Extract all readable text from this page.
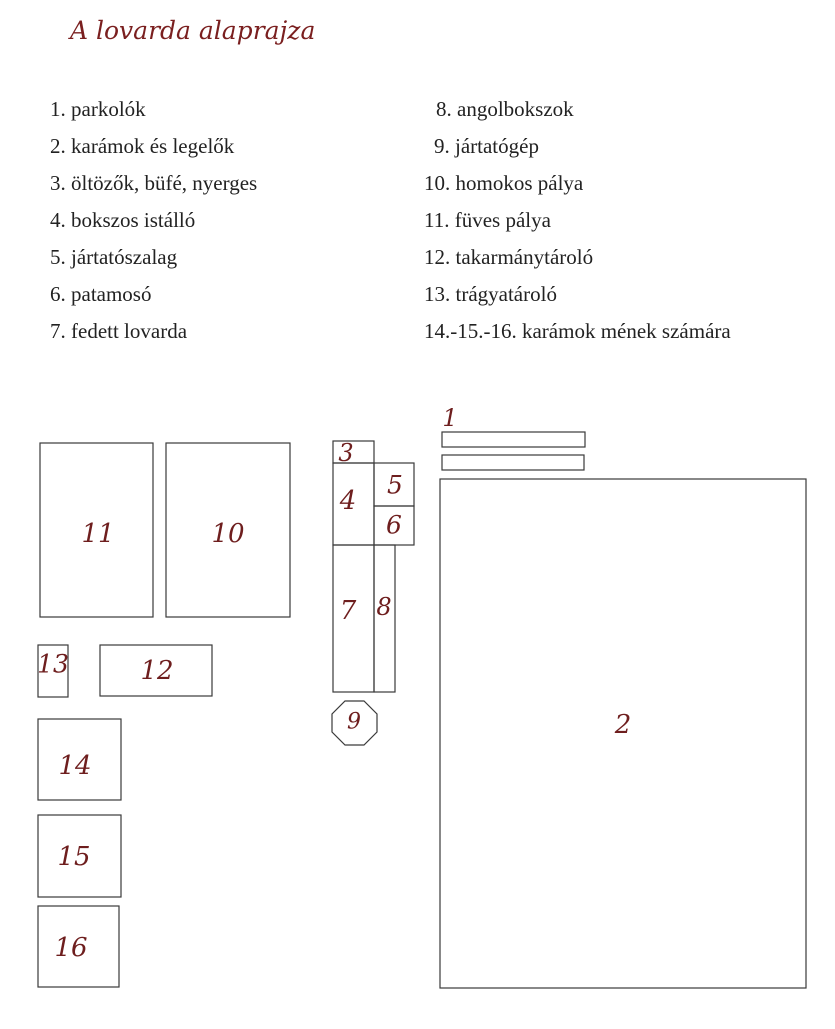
A lovarda alaprajza
1. parkolók
2. karámok és legelők
3. öltözők, büfé, nyerges
4. bokszos istálló
5. jártatószalag
6. patamosó
7. fedett lovarda
8. angolbokszok
9. jártatógép
10. homokos pálya
11. füves pálya
12. takarmánytároló
13. trágyatároló
14.-15.-16. karámok mének számára
1
2
3
4
5
6
7 8
9
10
11
12
13
14
15
16
